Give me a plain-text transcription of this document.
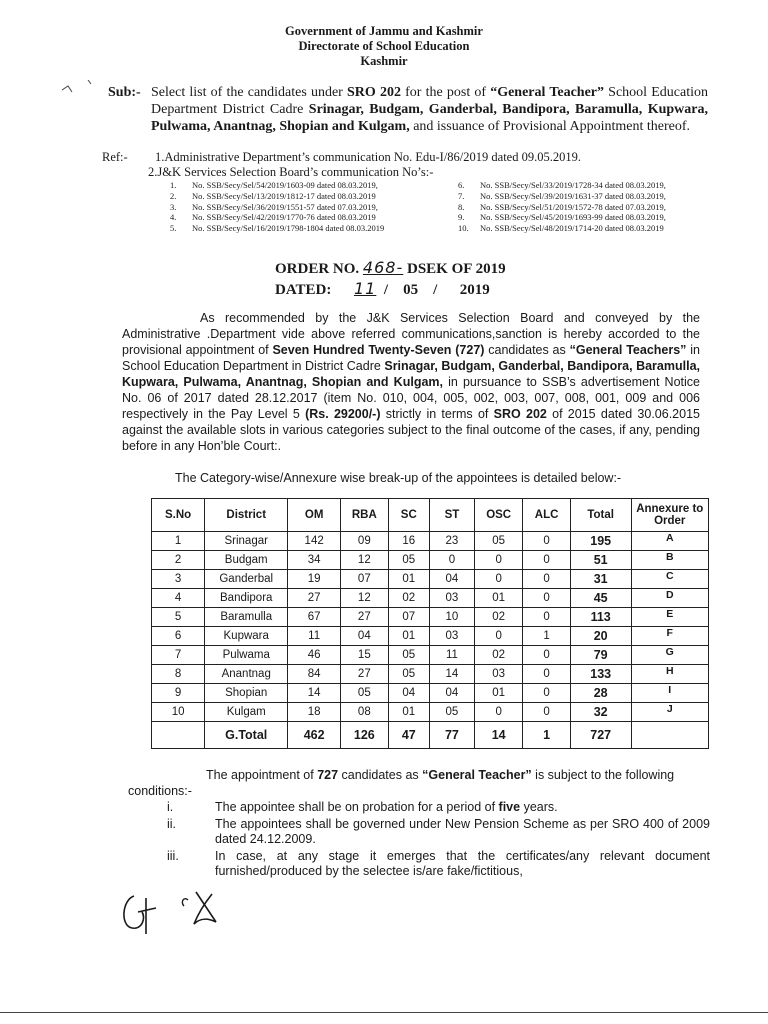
Government of Jammu and Kashmir
Directorate of School Education
Kashmir
Sub:- Select list of the candidates under SRO 202 for the post of “General Teacher” School Education Department District Cadre Srinagar, Budgam, Ganderbal, Bandipora, Baramulla, Kupwara, Pulwama, Anantnag, Shopian and Kulgam, and issuance of Provisional Appointment thereof.
Ref:-	1.Administrative Department’s communication No. Edu-I/86/2019 dated 09.05.2019.
2.J&K Services Selection Board’s communication No’s:-
1. No. SSB/Secy/Sel/54/2019/1603-09 dated 08.03.2019,
2. No. SSB/Secy/Sel/13/2019/1812-17 dated 08.03.2019
3. No. SSB/Secy/Sel/36/2019/1551-57 dated 07.03.2019,
4. No. SSB/Secy/Sel/42/2019/1770-76 dated 08.03.2019
5. No. SSB/Secy/Sel/16/2019/1798-1804 dated 08.03.2019
6. No. SSB/Secy/Sel/33/2019/1728-34 dated 08.03.2019,
7. No. SSB/Secy/Sel/39/2019/1631-37 dated 08.03.2019,
8. No. SSB/Secy/Sel/51/2019/1572-78 dated 07.03.2019,
9. No. SSB/Secy/Sel/45/2019/1693-99 dated 08.03.2019,
10. No. SSB/Secy/Sel/48/2019/1714-20 dated 08.03.2019
ORDER NO. 468- DSEK OF 2019
DATED: 11 / 05 / 2019
As recommended by the J&K Services Selection Board and conveyed by the Administrative .Department vide above referred communications,sanction is hereby accorded to the provisional appointment of Seven Hundred Twenty-Seven (727) candidates as “General Teachers” in School Education Department in District Cadre Srinagar, Budgam, Ganderbal, Bandipora, Baramulla, Kupwara, Pulwama, Anantnag, Shopian and Kulgam, in pursuance to SSB’s advertisement Notice No. 06 of 2017 dated 28.12.2017 (item No. 010, 004, 005, 002, 003, 007, 008, 001, 009 and 006 respectively in the Pay Level 5 (Rs. 29200/-) strictly in terms of SRO 202 of 2015 dated 30.06.2015 against the available slots in various categories subject to the final outcome of the cases, if any, pending before in any Hon’ble Court:.
The Category-wise/Annexure wise break-up of the appointees is detailed below:-
S.No	District	OM	RBA	SC	ST	OSC	ALC	Total	Annexure to Order
1	Srinagar	142	09	16	23	05	0	195	A
2	Budgam	34	12	05	0	0	0	51	B
3	Ganderbal	19	07	01	04	0	0	31	C
4	Bandipora	27	12	02	03	01	0	45	D
5	Baramulla	67	27	07	10	02	0	113	E
6	Kupwara	11	04	01	03	0	1	20	F
7	Pulwama	46	15	05	11	02	0	79	G
8	Anantnag	84	27	05	14	03	0	133	H
9	Shopian	14	05	04	04	01	0	28	I
10	Kulgam	18	08	01	05	0	0	32	J
	G.Total	462	126	47	77	14	1	727	
The appointment of 727 candidates as “General Teacher” is subject to the following conditions:-
i.	The appointee shall be on probation for a period of five years.
ii.	The appointees shall be governed under New Pension Scheme as per SRO 400 of 2009 dated 24.12.2009.
iii.	In case, at any stage it emerges that the certificates/any relevant document furnished/produced by the selectee is/are fake/fictitious,
